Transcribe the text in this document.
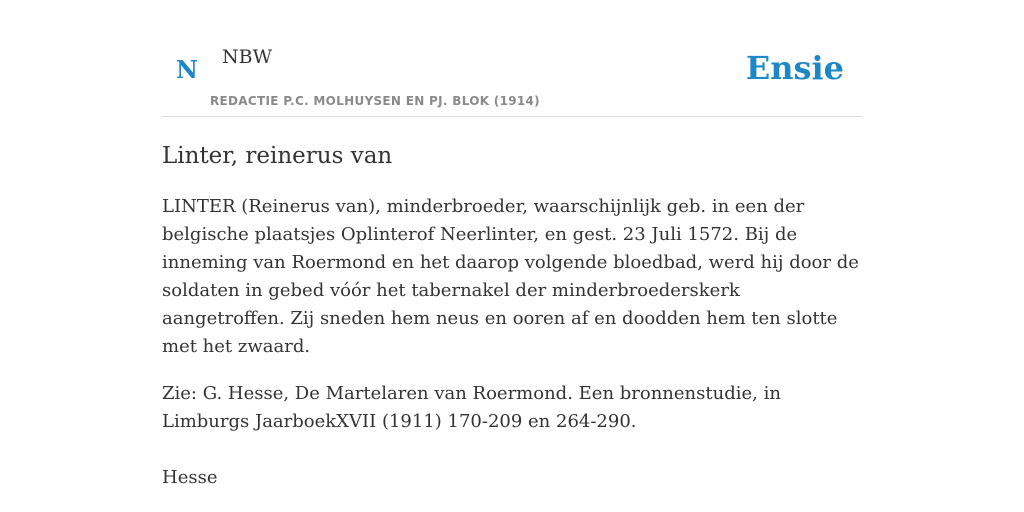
N NBW
REDACTIE P.C. MOLHUYSEN EN PJ. BLOK (1914)
Ensie
Linter, reinerus van

LINTER (Reinerus van), minderbroeder, waarschijnlijk geb. in een der belgische plaatsjes Oplinterof Neerlinter, en gest. 23 Juli 1572. Bij de inneming van Roermond en het daarop volgende bloedbad, werd hij door de soldaten in gebed vóór het tabernakel der minderbroederskerk aangetroffen. Zij sneden hem neus en ooren af en doodden hem ten slotte met het zwaard.

Zie: G. Hesse, De Martelaren van Roermond. Een bronnenstudie, in Limburgs JaarboekXVII (1911) 170-209 en 264-290.

Hesse
